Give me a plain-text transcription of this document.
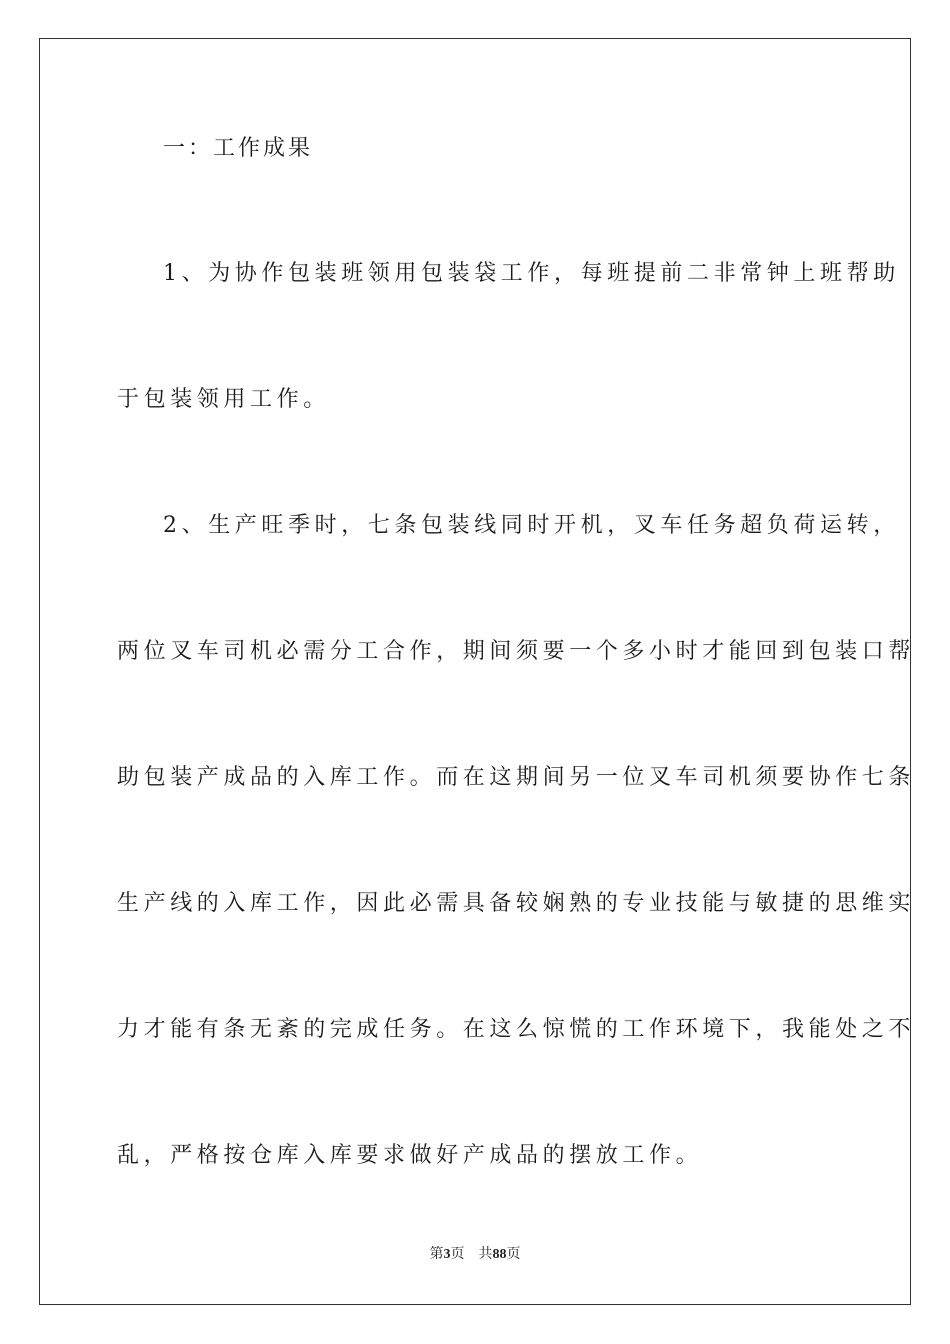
一：工作成果
1、为协作包装班领用包装袋工作，每班提前二非常钟上班帮助
于包装领用工作。
2、生产旺季时，七条包装线同时开机，叉车任务超负荷运转，
两位叉车司机必需分工合作，期间须要一个多小时才能回到包装口帮
助包装产成品的入库工作。而在这期间另一位叉车司机须要协作七条
生产线的入库工作，因此必需具备较娴熟的专业技能与敏捷的思维实
力才能有条无紊的完成任务。在这么惊慌的工作环境下，我能处之不
乱，严格按仓库入库要求做好产成品的摆放工作。
第3页 共88页
